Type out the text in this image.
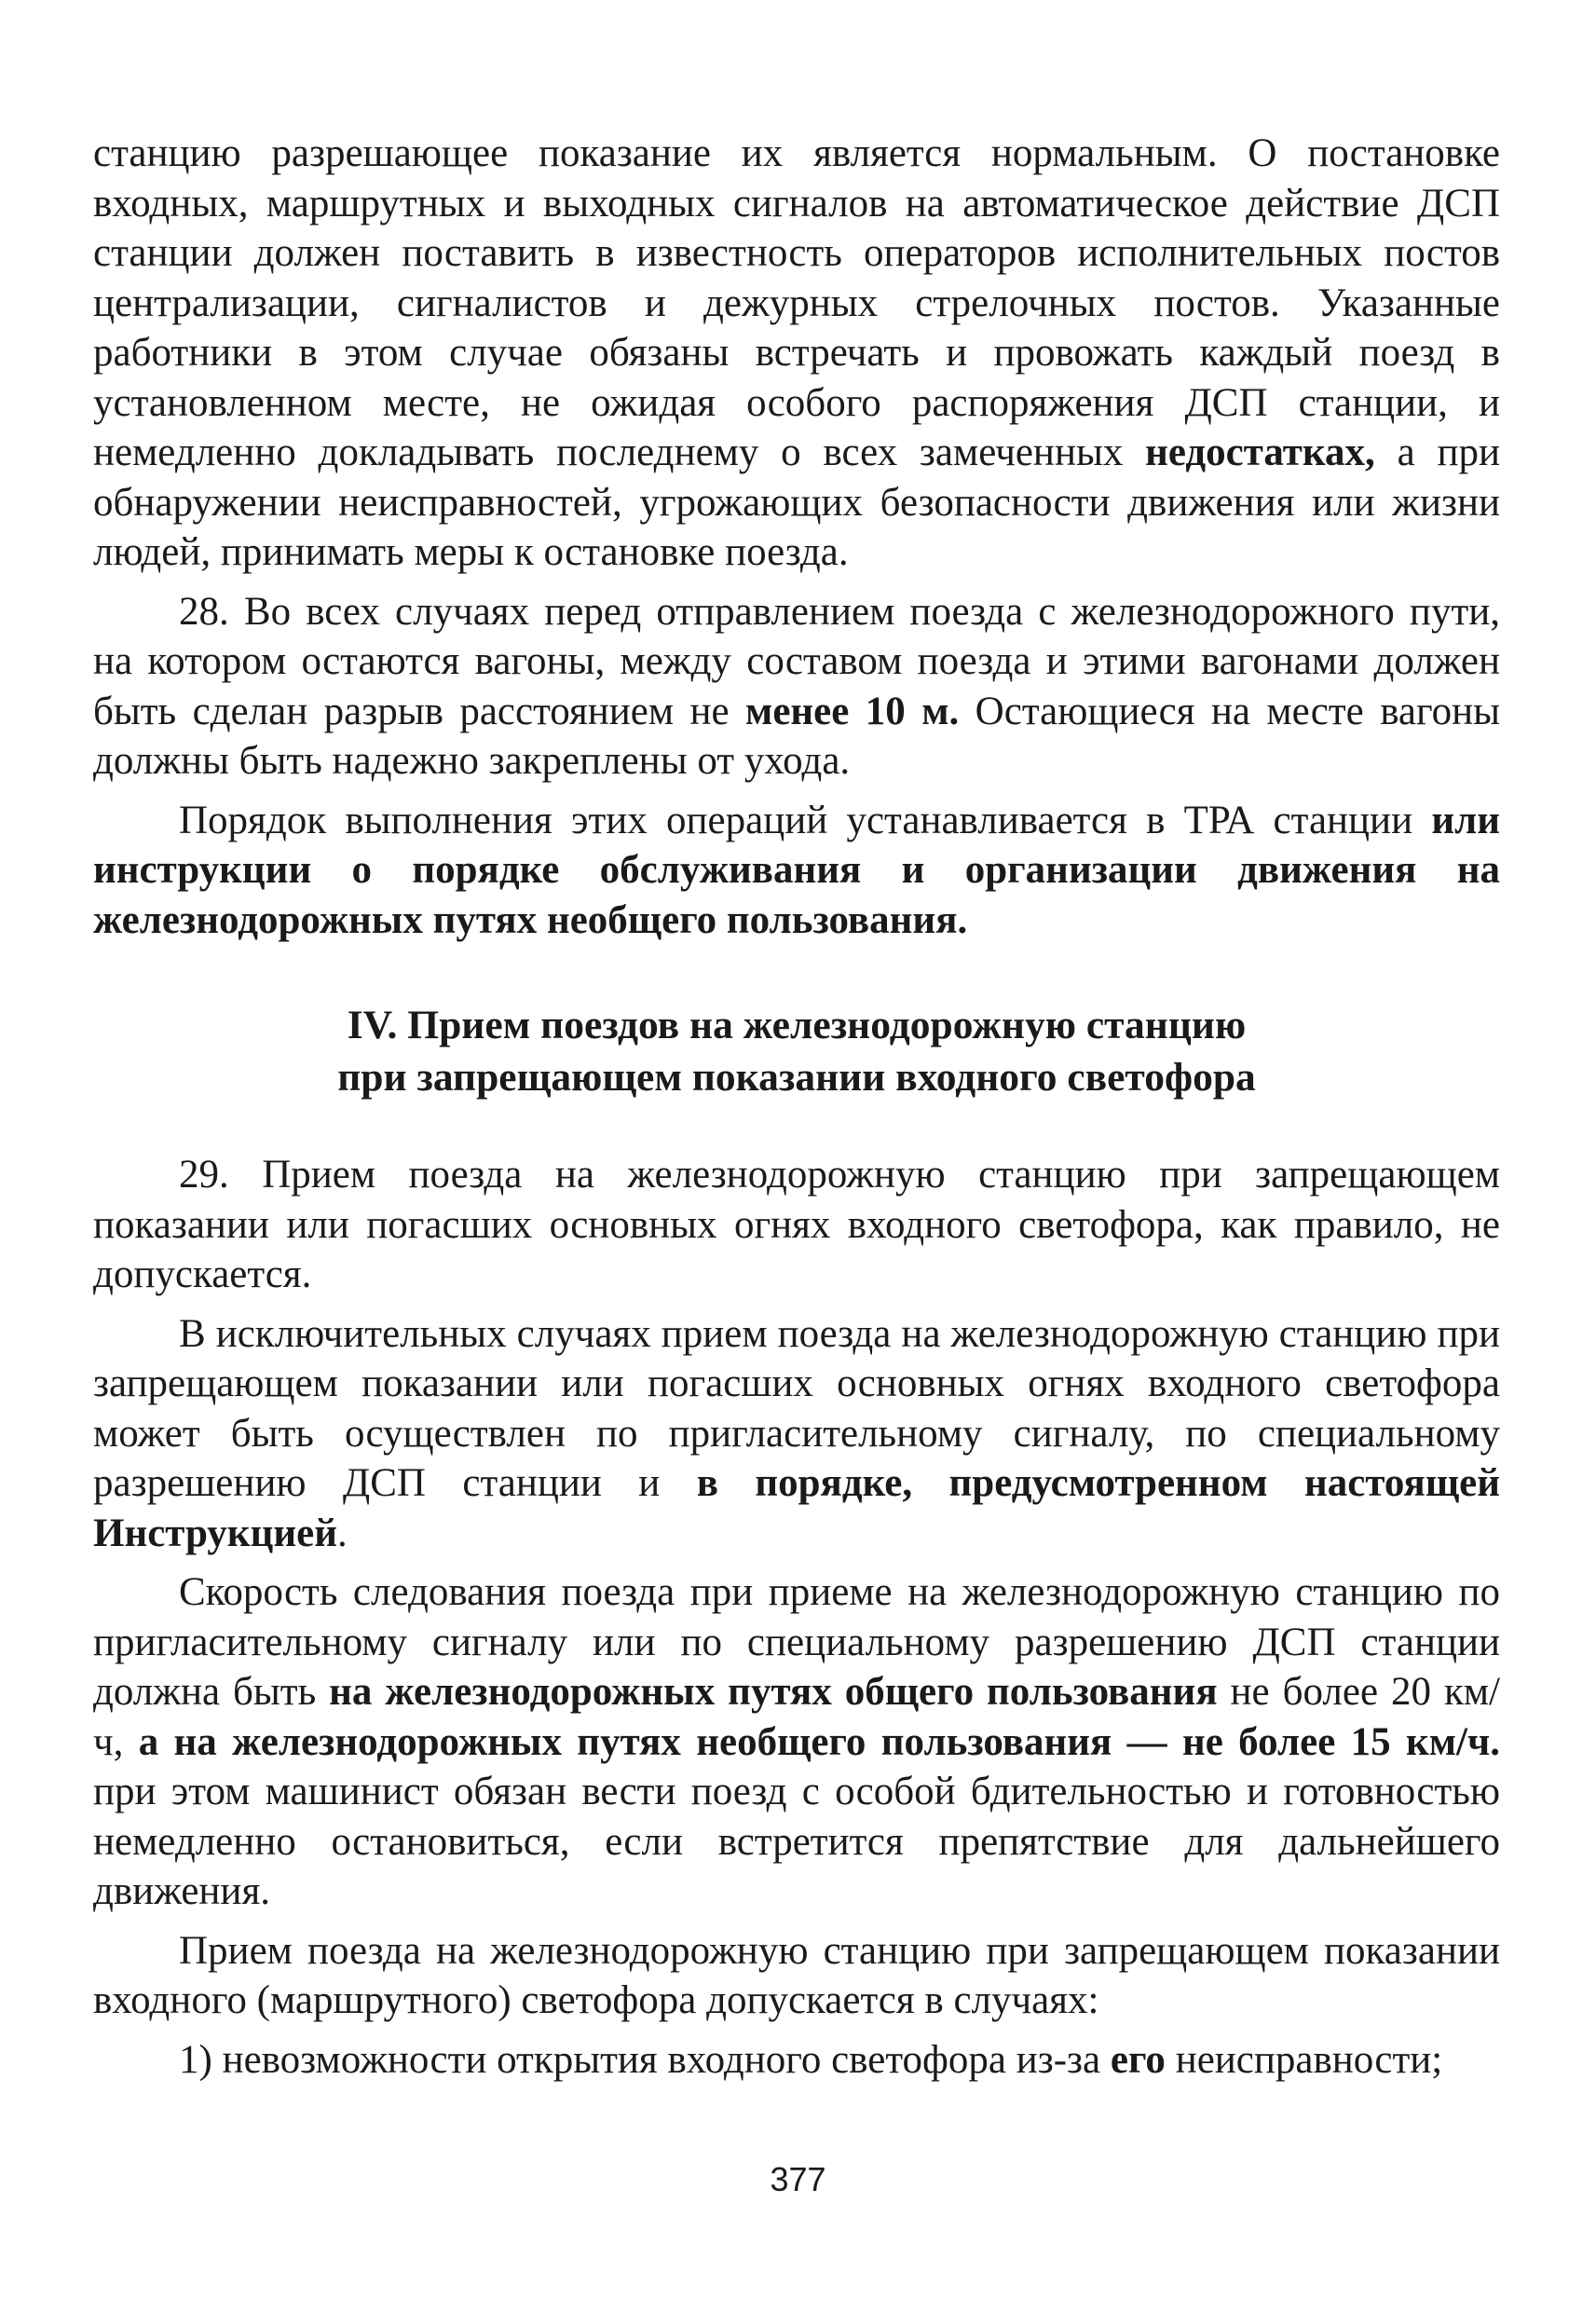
станцию разрешающее показание их является нормальным. О постановке входных, маршрутных и выходных сигналов на автоматическое действие ДСП станции должен поставить в известность операторов исполнительных постов централизации, сигналистов и дежурных стрелочных постов. Указанные работники в этом случае обязаны встречать и провожать каждый поезд в установленном месте, не ожидая особого распоряжения ДСП станции, и немедленно докладывать последнему о всех замеченных недостатках, а при обнаружении неисправностей, угрожающих безопасности движения или жизни людей, принимать меры к остановке поезда.

28. Во всех случаях перед отправлением поезда с железнодорожного пути, на котором остаются вагоны, между составом поезда и этими вагонами должен быть сделан разрыв расстоянием не менее 10 м. Остающиеся на месте вагоны должны быть надежно закреплены от ухода.

Порядок выполнения этих операций устанавливается в ТРА станции или инструкции о порядке обслуживания и организации движения на железнодорожных путях необщего пользования.

IV. Прием поездов на железнодорожную станцию
при запрещающем показании входного светофора

29. Прием поезда на железнодорожную станцию при запрещающем показании или погасших основных огнях входного светофора, как правило, не допускается.

В исключительных случаях прием поезда на железнодорожную станцию при запрещающем показании или погасших основных огнях входного светофора может быть осуществлен по пригласительному сигналу, по специальному разрешению ДСП станции и в порядке, предусмотренном настоящей Инструкцией.

Скорость следования поезда при приеме на железнодорожную станцию по пригласительному сигналу или по специальному разрешению ДСП станции должна быть на железнодорожных путях общего пользования не более 20 км/ч, а на железнодорожных путях необщего пользования — не более 15 км/ч. при этом машинист обязан вести поезд с особой бдительностью и готовностью немедленно остановиться, если встретится препятствие для дальнейшего движения.

Прием поезда на железнодорожную станцию при запрещающем показании входного (маршрутного) светофора допускается в случаях:

1) невозможности открытия входного светофора из-за его неисправности;

377
